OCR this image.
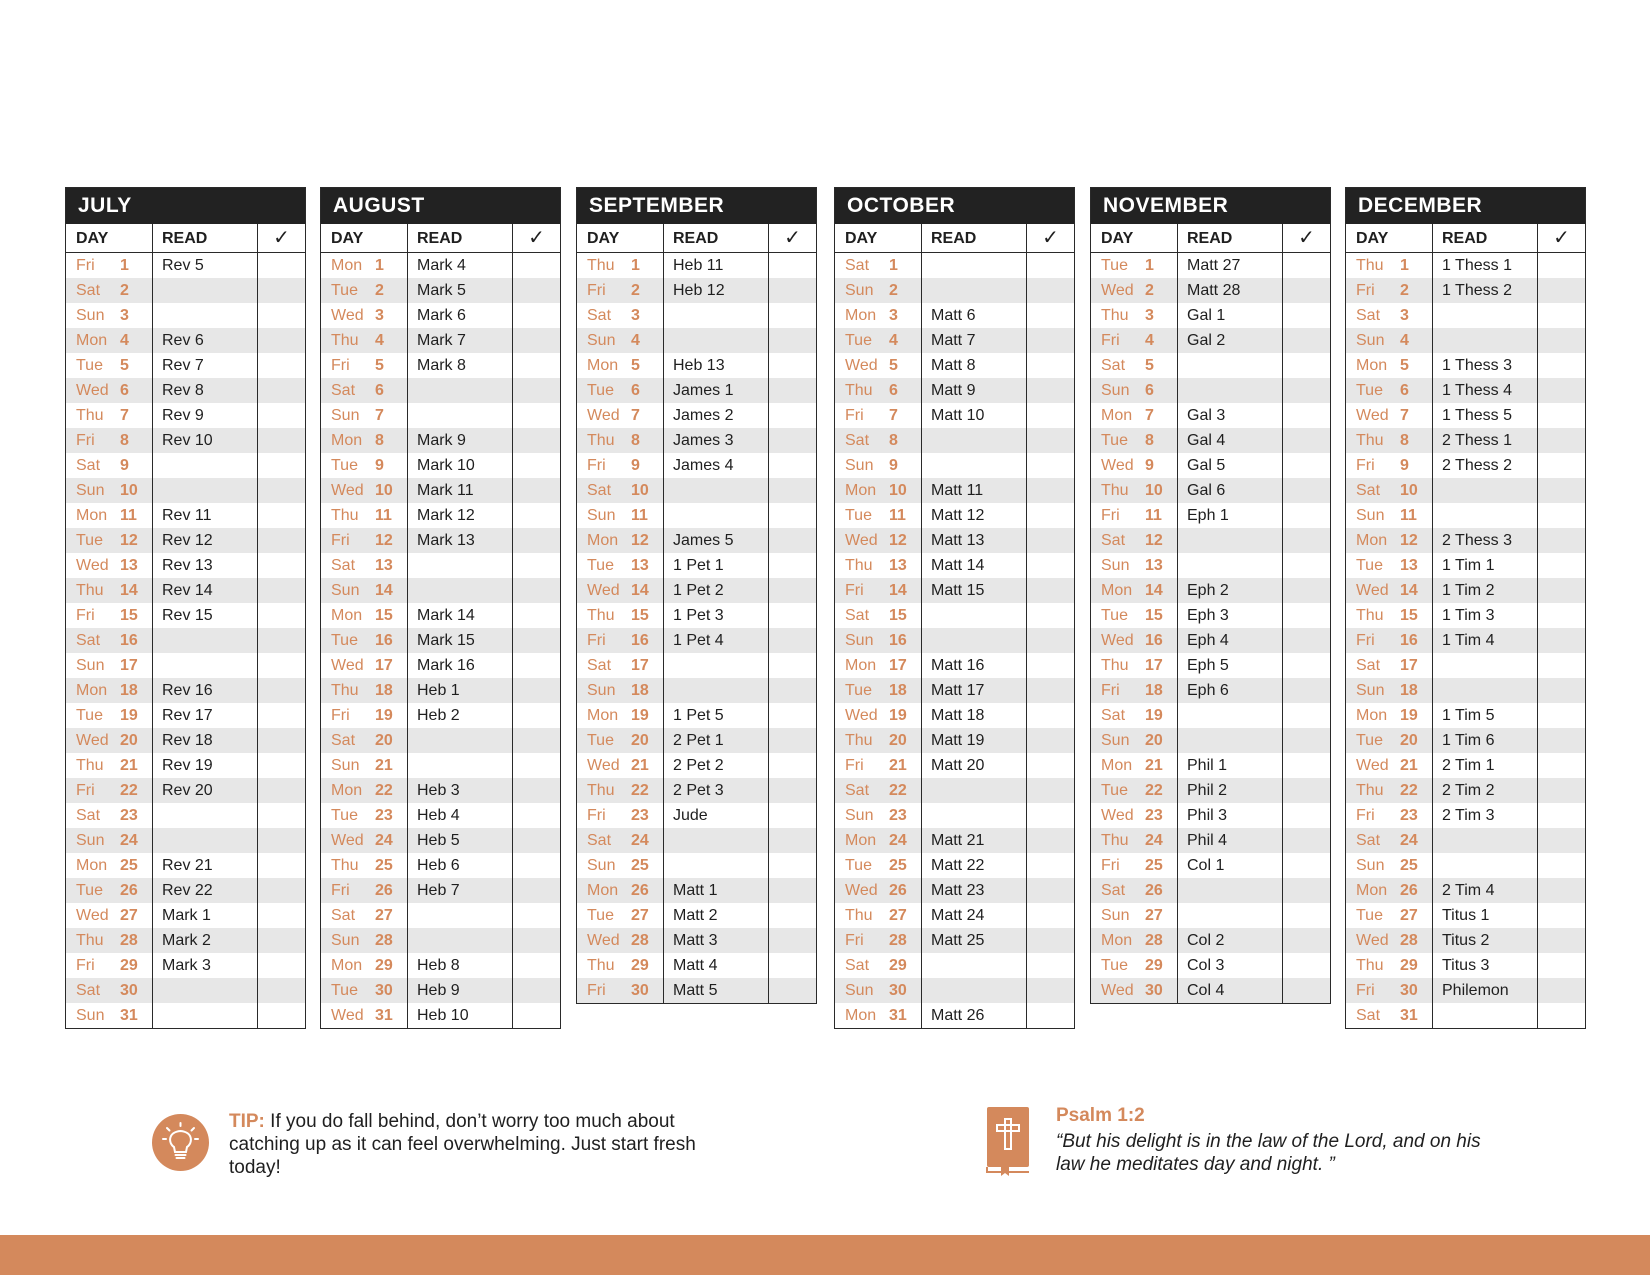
JULY
DAY	READ	✓
Fri 1	Rev 5
Sat 2
Sun 3
Mon 4	Rev 6
Tue 5	Rev 7
Wed 6	Rev 8
Thu 7	Rev 9
Fri 8	Rev 10
Sat 9
Sun 10
Mon 11	Rev 11
Tue 12	Rev 12
Wed 13	Rev 13
Thu 14	Rev 14
Fri 15	Rev 15
Sat 16
Sun 17
Mon 18	Rev 16
Tue 19	Rev 17
Wed 20	Rev 18
Thu 21	Rev 19
Fri 22	Rev 20
Sat 23
Sun 24
Mon 25	Rev 21
Tue 26	Rev 22
Wed 27	Mark 1
Thu 28	Mark 2
Fri 29	Mark 3
Sat 30
Sun 31
AUGUST
DAY	READ	✓
Mon 1	Mark 4
Tue 2	Mark 5
Wed 3	Mark 6
Thu 4	Mark 7
Fri 5	Mark 8
Sat 6
Sun 7
Mon 8	Mark 9
Tue 9	Mark 10
Wed 10	Mark 11
Thu 11	Mark 12
Fri 12	Mark 13
Sat 13
Sun 14
Mon 15	Mark 14
Tue 16	Mark 15
Wed 17	Mark 16
Thu 18	Heb 1
Fri 19	Heb 2
Sat 20
Sun 21
Mon 22	Heb 3
Tue 23	Heb 4
Wed 24	Heb 5
Thu 25	Heb 6
Fri 26	Heb 7
Sat 27
Sun 28
Mon 29	Heb 8
Tue 30	Heb 9
Wed 31	Heb 10
SEPTEMBER
DAY	READ	✓
Thu 1	Heb 11
Fri 2	Heb 12
Sat 3
Sun 4
Mon 5	Heb 13
Tue 6	James 1
Wed 7	James 2
Thu 8	James 3
Fri 9	James 4
Sat 10
Sun 11
Mon 12	James 5
Tue 13	1 Pet 1
Wed 14	1 Pet 2
Thu 15	1 Pet 3
Fri 16	1 Pet 4
Sat 17
Sun 18
Mon 19	1 Pet 5
Tue 20	2 Pet 1
Wed 21	2 Pet 2
Thu 22	2 Pet 3
Fri 23	Jude
Sat 24
Sun 25
Mon 26	Matt 1
Tue 27	Matt 2
Wed 28	Matt 3
Thu 29	Matt 4
Fri 30	Matt 5
OCTOBER
DAY	READ	✓
Sat 1
Sun 2
Mon 3	Matt 6
Tue 4	Matt 7
Wed 5	Matt 8
Thu 6	Matt 9
Fri 7	Matt 10
Sat 8
Sun 9
Mon 10	Matt 11
Tue 11	Matt 12
Wed 12	Matt 13
Thu 13	Matt 14
Fri 14	Matt 15
Sat 15
Sun 16
Mon 17	Matt 16
Tue 18	Matt 17
Wed 19	Matt 18
Thu 20	Matt 19
Fri 21	Matt 20
Sat 22
Sun 23
Mon 24	Matt 21
Tue 25	Matt 22
Wed 26	Matt 23
Thu 27	Matt 24
Fri 28	Matt 25
Sat 29
Sun 30
Mon 31	Matt 26
NOVEMBER
DAY	READ	✓
Tue 1	Matt 27
Wed 2	Matt 28
Thu 3	Gal 1
Fri 4	Gal 2
Sat 5
Sun 6
Mon 7	Gal 3
Tue 8	Gal 4
Wed 9	Gal 5
Thu 10	Gal 6
Fri 11	Eph 1
Sat 12
Sun 13
Mon 14	Eph 2
Tue 15	Eph 3
Wed 16	Eph 4
Thu 17	Eph 5
Fri 18	Eph 6
Sat 19
Sun 20
Mon 21	Phil 1
Tue 22	Phil 2
Wed 23	Phil 3
Thu 24	Phil 4
Fri 25	Col 1
Sat 26
Sun 27
Mon 28	Col 2
Tue 29	Col 3
Wed 30	Col 4
DECEMBER
DAY	READ	✓
Thu 1	1 Thess 1
Fri 2	1 Thess 2
Sat 3
Sun 4
Mon 5	1 Thess 3
Tue 6	1 Thess 4
Wed 7	1 Thess 5
Thu 8	2 Thess 1
Fri 9	2 Thess 2
Sat 10
Sun 11
Mon 12	2 Thess 3
Tue 13	1 Tim 1
Wed 14	1 Tim 2
Thu 15	1 Tim 3
Fri 16	1 Tim 4
Sat 17
Sun 18
Mon 19	1 Tim 5
Tue 20	1 Tim 6
Wed 21	2 Tim 1
Thu 22	2 Tim 2
Fri 23	2 Tim 3
Sat 24
Sun 25
Mon 26	2 Tim 4
Tue 27	Titus 1
Wed 28	Titus 2
Thu 29	Titus 3
Fri 30	Philemon
Sat 31
TIP: If you do fall behind, don’t worry too much about catching up as it can feel overwhelming. Just start fresh today!
Psalm 1:2
“But his delight is in the law of the Lord, and on his law he meditates day and night. ”
